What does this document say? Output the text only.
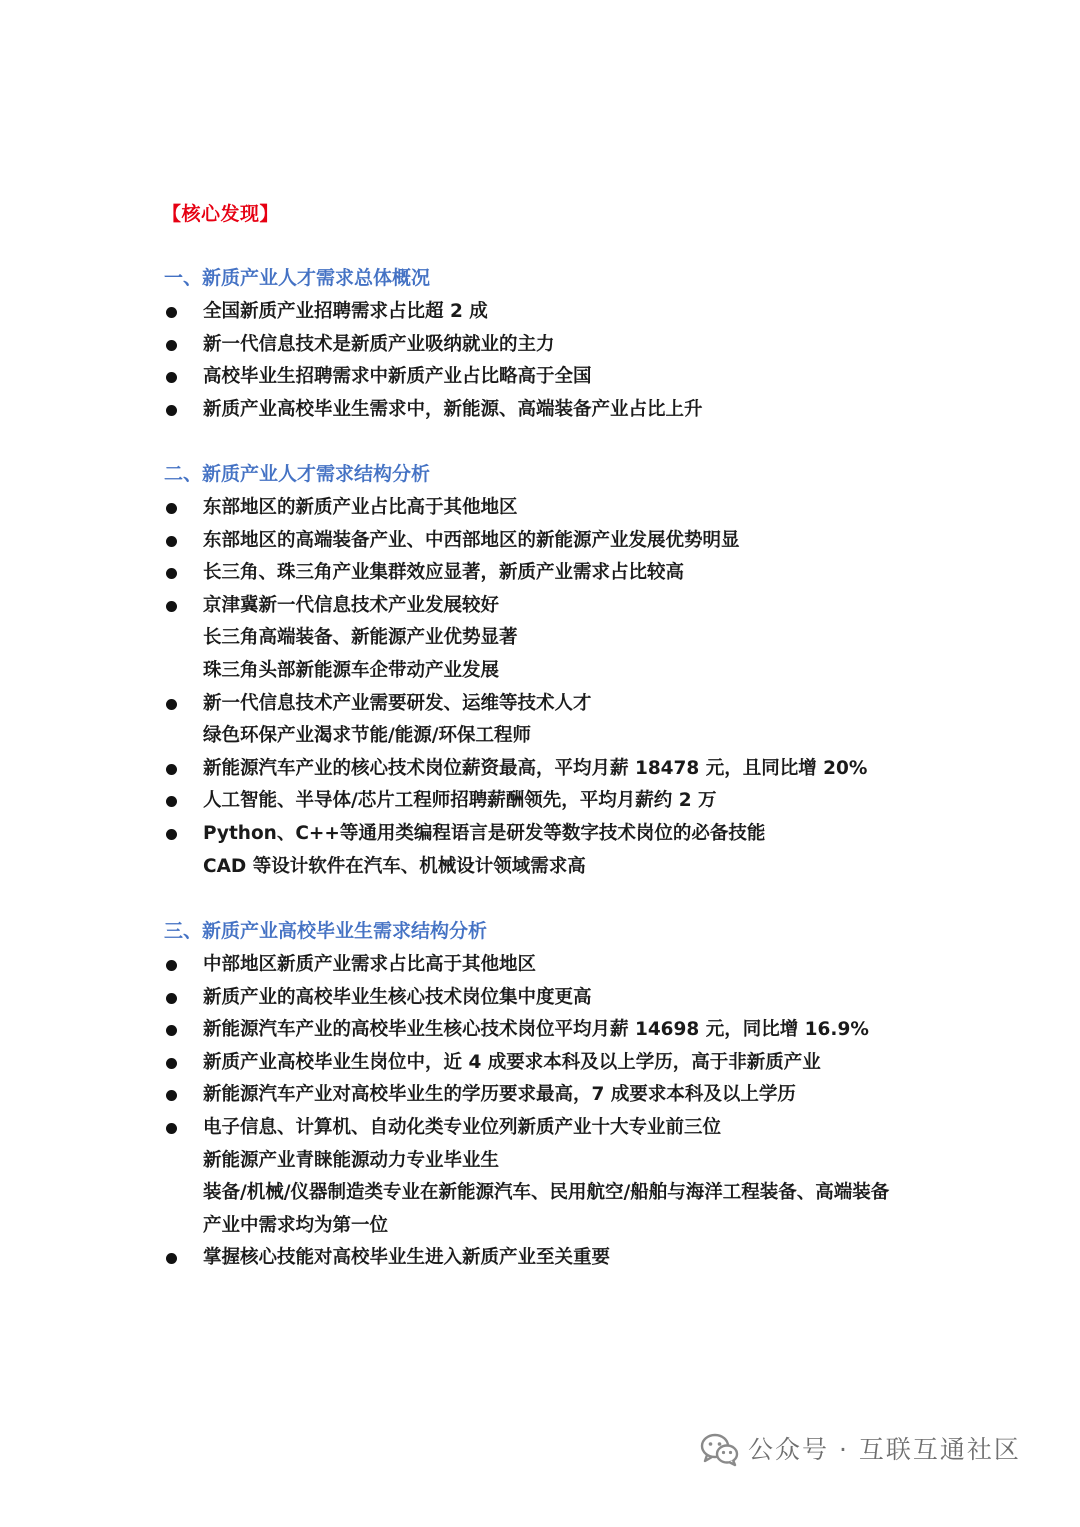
【核心发现】
一、新质产业人才需求总体概况
全国新质产业招聘需求占比超 2 成
新一代信息技术是新质产业吸纳就业的主力
高校毕业生招聘需求中新质产业占比略高于全国
新质产业高校毕业生需求中，新能源、高端装备产业占比上升
二、新质产业人才需求结构分析
东部地区的新质产业占比高于其他地区
东部地区的高端装备产业、中西部地区的新能源产业发展优势明显
长三角、珠三角产业集群效应显著，新质产业需求占比较高
京津冀新一代信息技术产业发展较好
长三角高端装备、新能源产业优势显著
珠三角头部新能源车企带动产业发展
新一代信息技术产业需要研发、运维等技术人才
绿色环保产业渴求节能/能源/环保工程师
新能源汽车产业的核心技术岗位薪资最高，平均月薪 18478 元，且同比增 20%
人工智能、半导体/芯片工程师招聘薪酬领先，平均月薪约 2 万
Python、C++等通用类编程语言是研发等数字技术岗位的必备技能
CAD 等设计软件在汽车、机械设计领域需求高
三、新质产业高校毕业生需求结构分析
中部地区新质产业需求占比高于其他地区
新质产业的高校毕业生核心技术岗位集中度更高
新能源汽车产业的高校毕业生核心技术岗位平均月薪 14698 元，同比增 16.9%
新质产业高校毕业生岗位中，近 4 成要求本科及以上学历，高于非新质产业
新能源汽车产业对高校毕业生的学历要求最高，7 成要求本科及以上学历
电子信息、计算机、自动化类专业位列新质产业十大专业前三位
新能源产业青睐能源动力专业毕业生
装备/机械/仪器制造类专业在新能源汽车、民用航空/船舶与海洋工程装备、高端装备
产业中需求均为第一位
掌握核心技能对高校毕业生进入新质产业至关重要
公众号 · 互联互通社区
